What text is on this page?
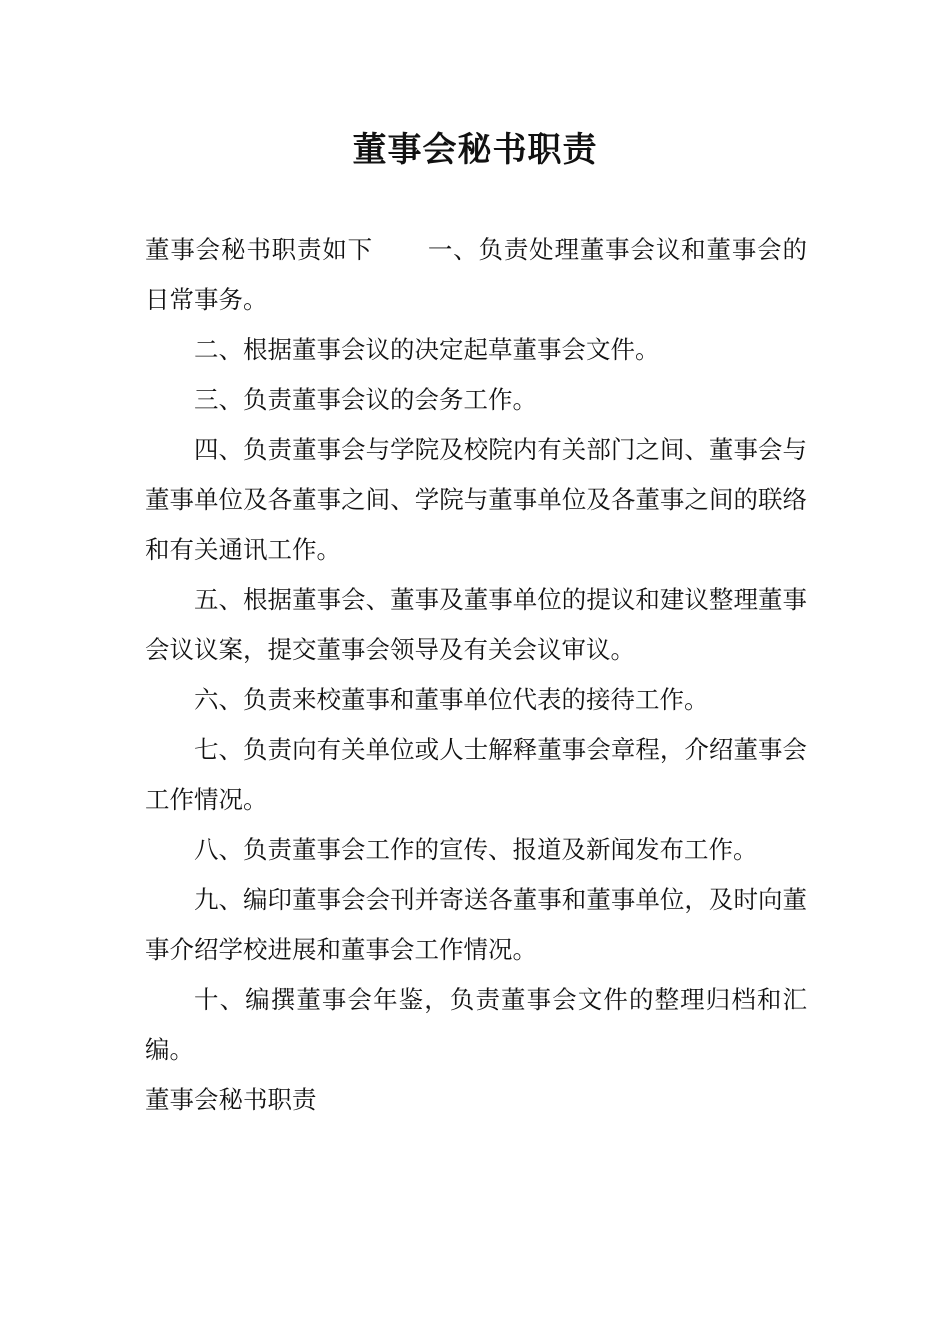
董事会秘书职责

董事会秘书职责如下 一、负责处理董事会议和董事会的日常事务。

二、根据董事会议的决定起草董事会文件。

三、负责董事会议的会务工作。

四、负责董事会与学院及校院内有关部门之间、董事会与董事单位及各董事之间、学院与董事单位及各董事之间的联络和有关通讯工作。

五、根据董事会、董事及董事单位的提议和建议整理董事会议议案，提交董事会领导及有关会议审议。

六、负责来校董事和董事单位代表的接待工作。

七、负责向有关单位或人士解释董事会章程，介绍董事会工作情况。

八、负责董事会工作的宣传、报道及新闻发布工作。

九、编印董事会会刊并寄送各董事和董事单位，及时向董事介绍学校进展和董事会工作情况。

十、编撰董事会年鉴，负责董事会文件的整理归档和汇编。

董事会秘书职责
